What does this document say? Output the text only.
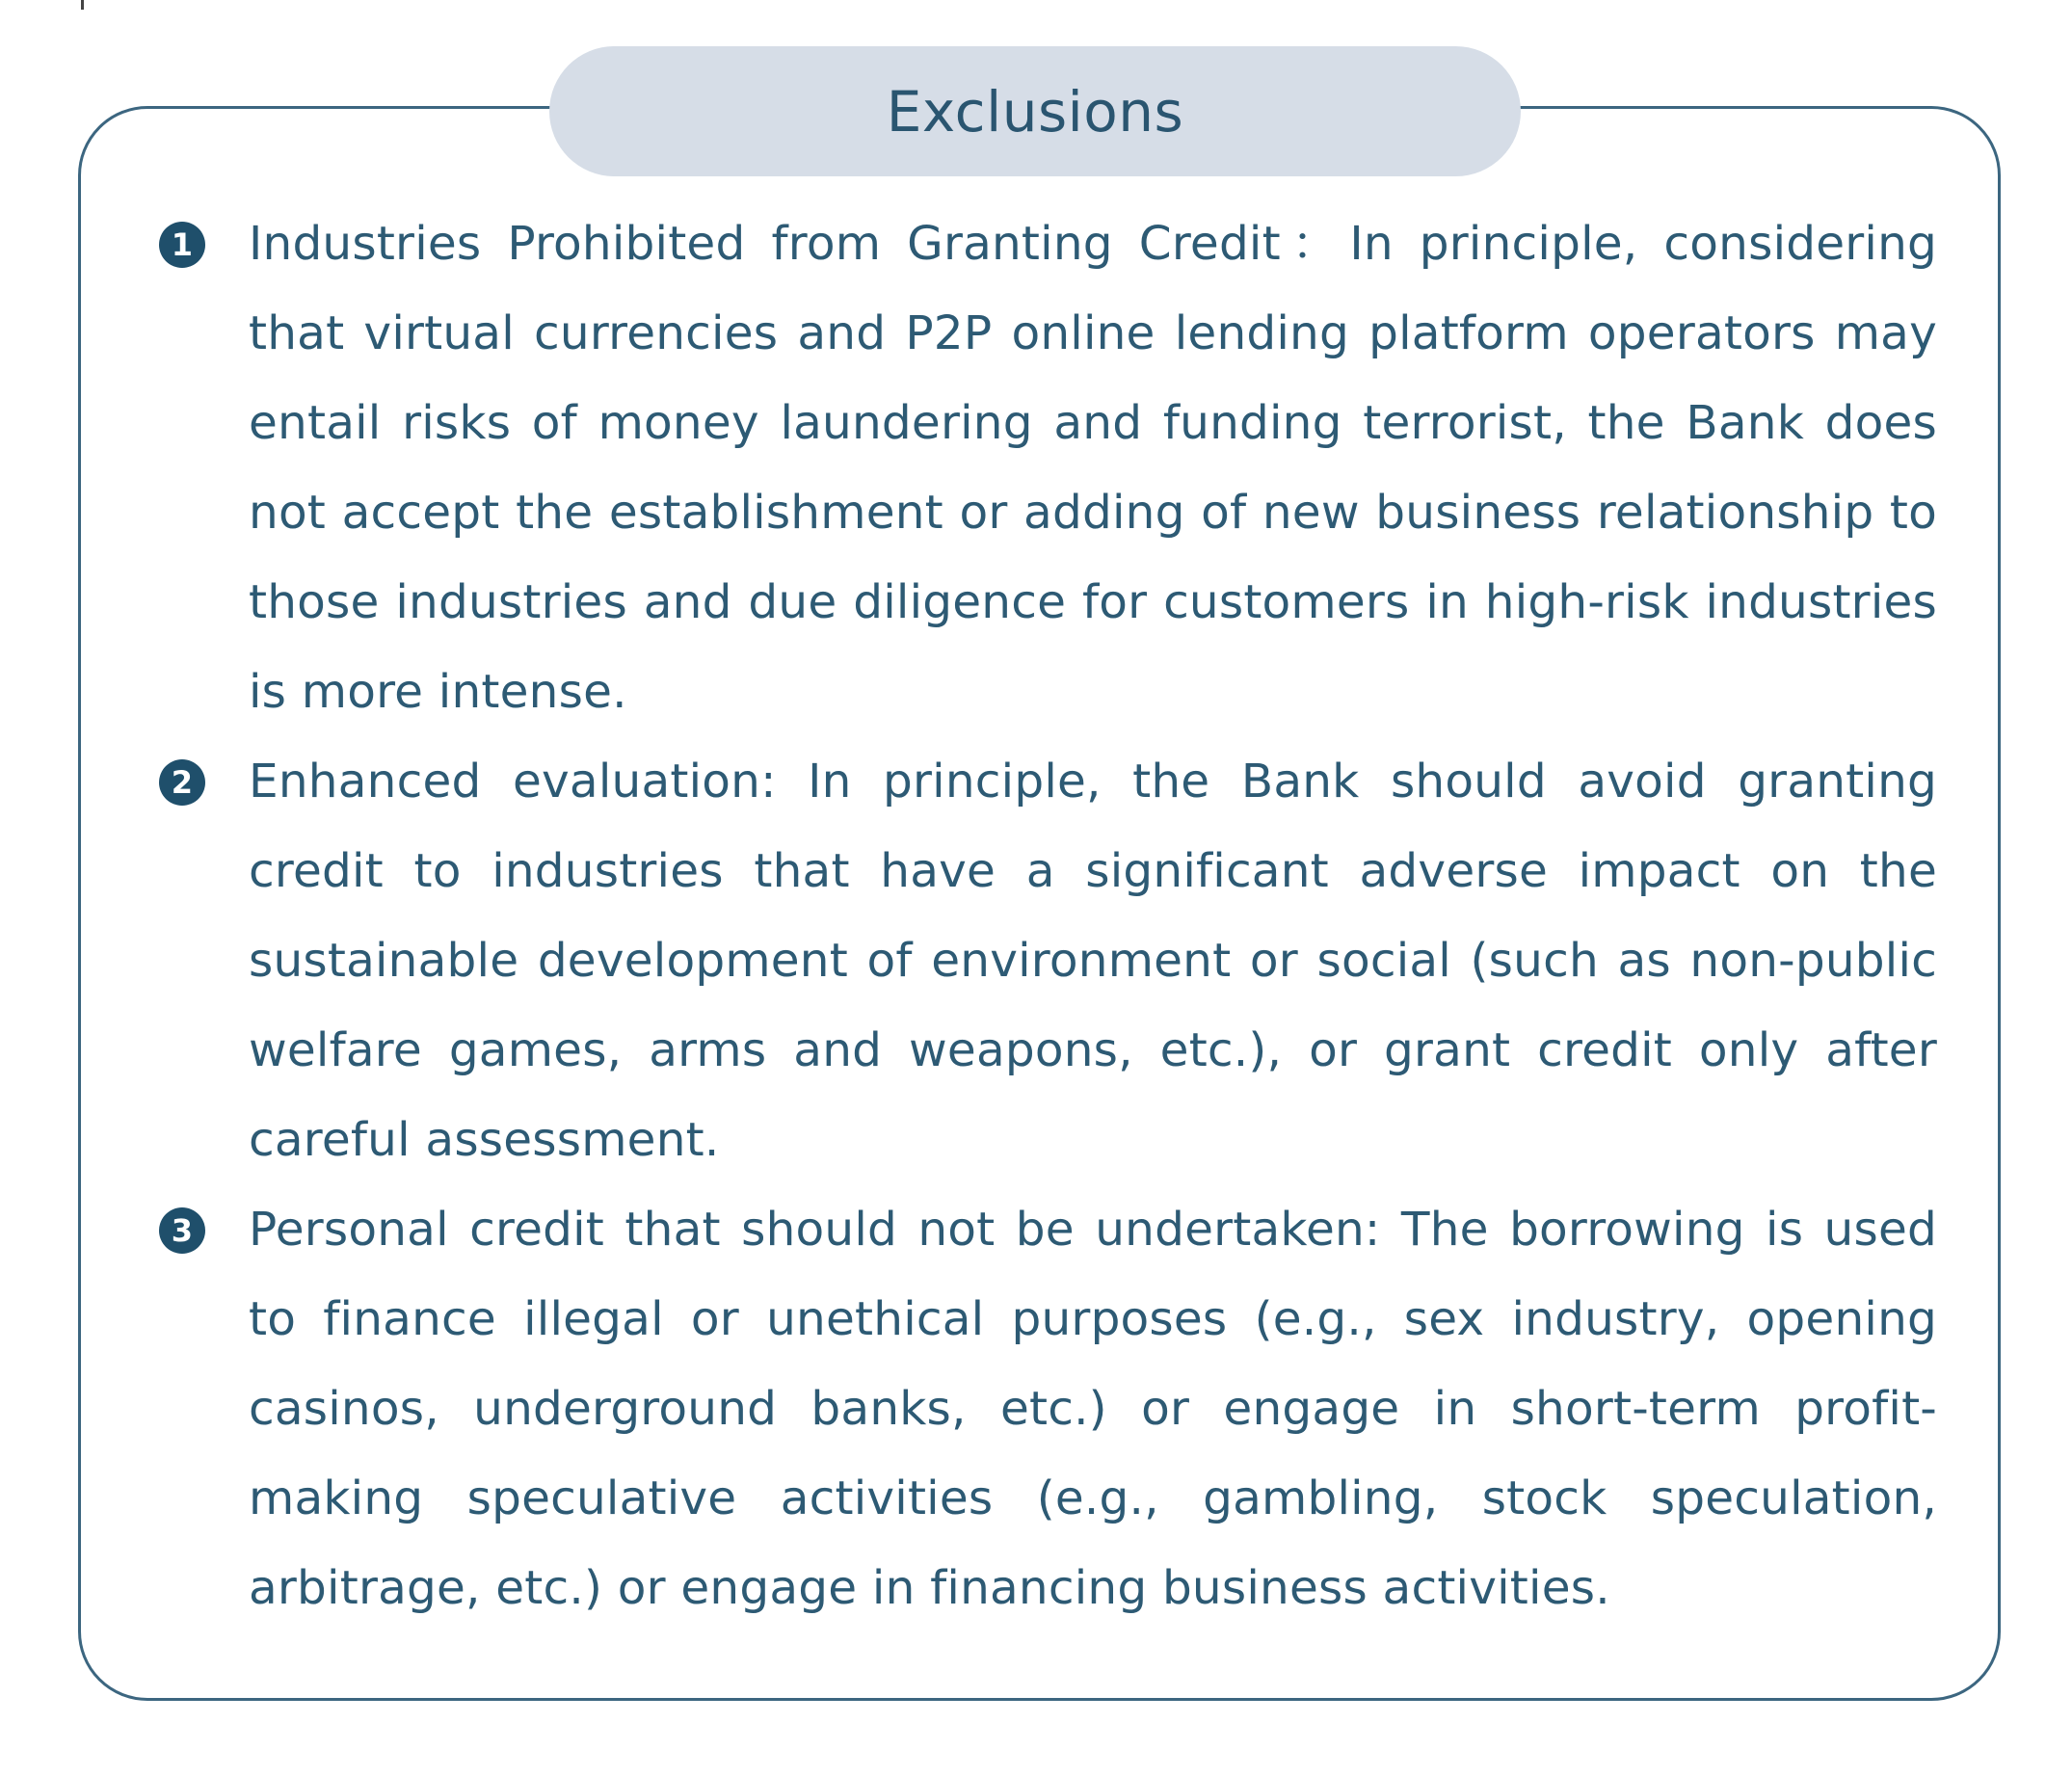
Exclusions
1 Industries Prohibited from Granting Credit：In principle, considering that virtual currencies and P2P online lending platform operators may entail risks of money laundering and funding terrorist, the Bank does not accept the establishment or adding of new business relationship to those industries and due diligence for customers in high-risk industries is more intense.
2 Enhanced evaluation: In principle, the Bank should avoid granting credit to industries that have a significant adverse impact on the sustainable development of environment or social (such as non-public welfare games, arms and weapons, etc.), or grant credit only after careful assessment.
3 Personal credit that should not be undertaken: The borrowing is used to finance illegal or unethical purposes (e.g., sex industry, opening casinos, underground banks, etc.) or engage in short-term profit-making speculative activities (e.g., gambling, stock speculation, arbitrage, etc.) or engage in financing business activities.
